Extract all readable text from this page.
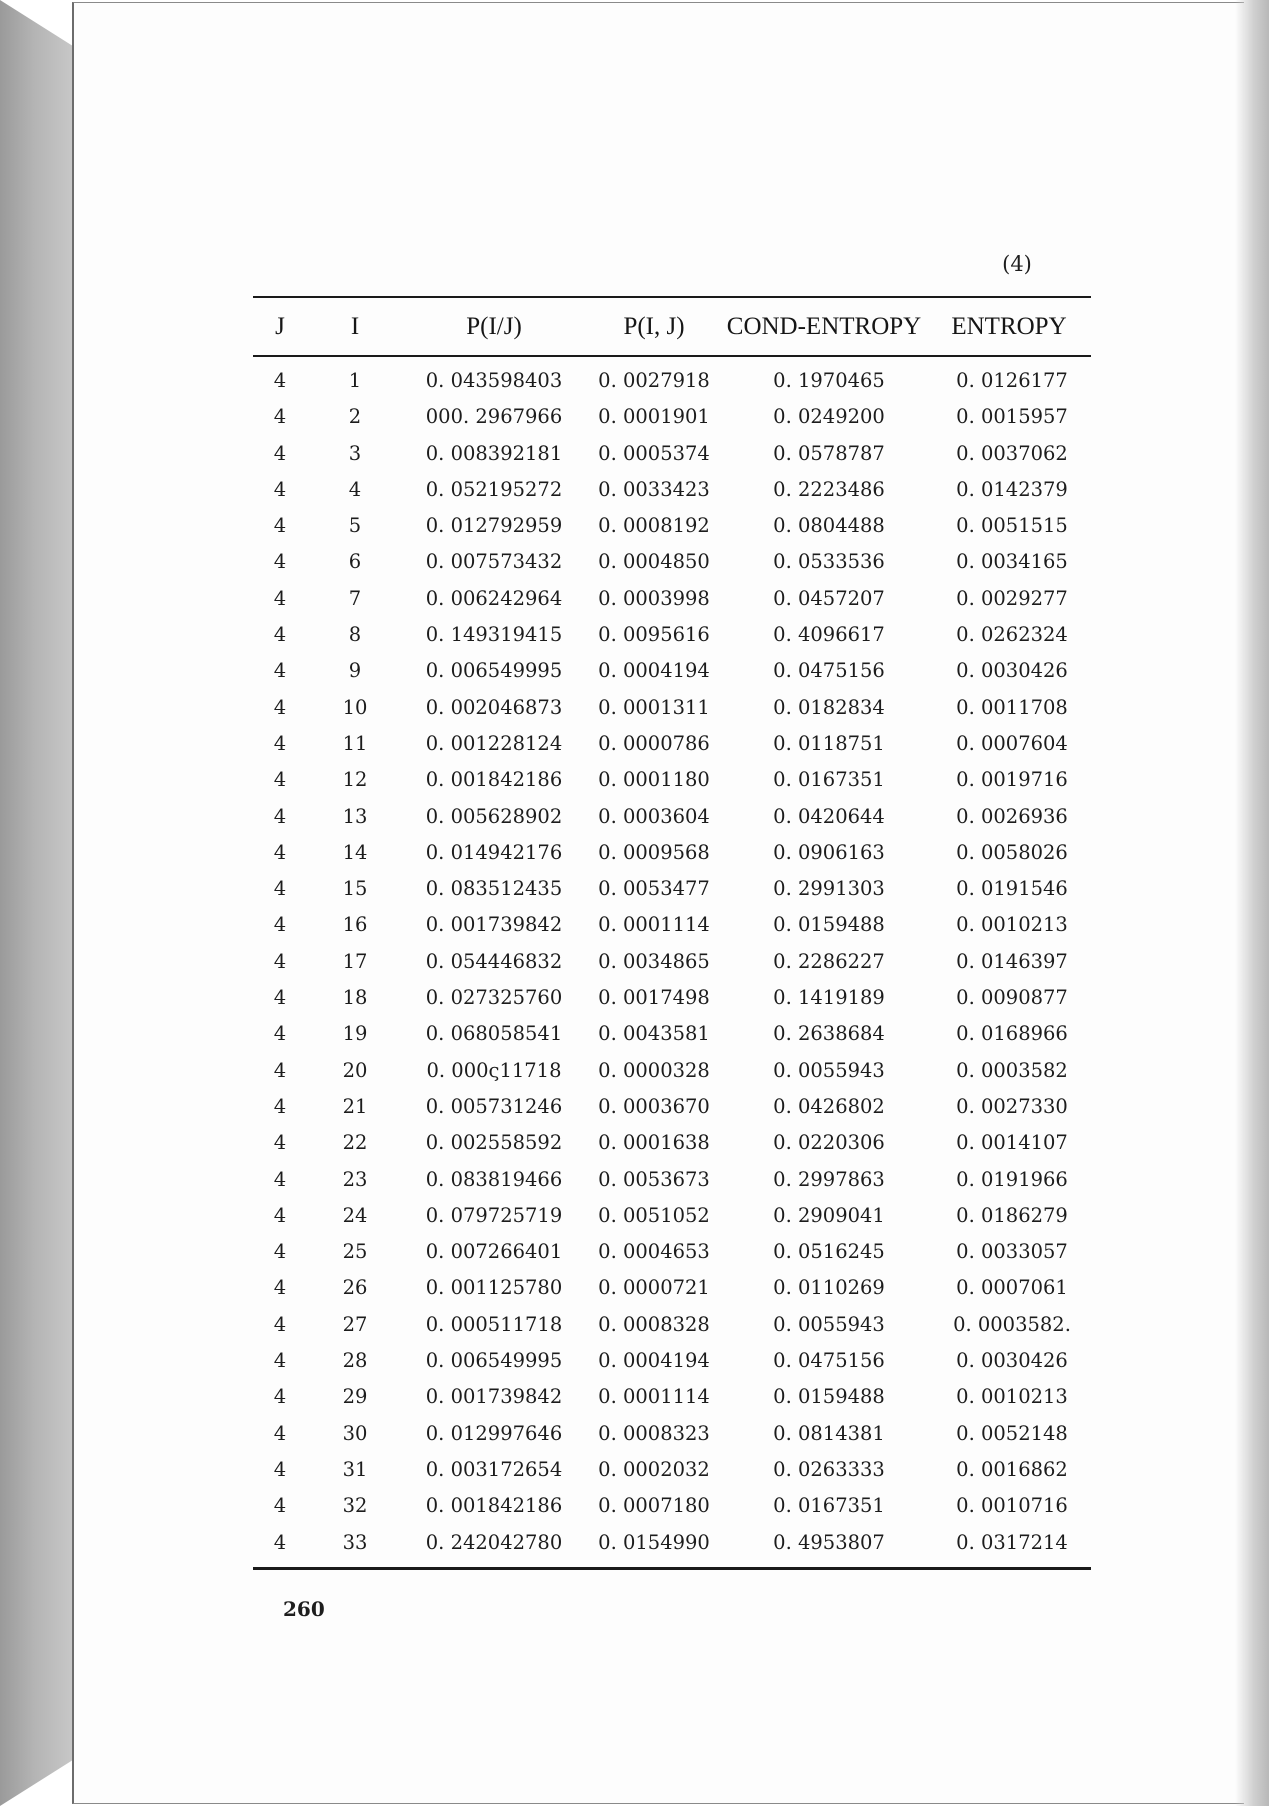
(4)
J	I	P(I/J)	P(I, J)	COND-ENTROPY	ENTROPY
4	1	0. 043598403	0. 0027918	0. 1970465	0. 0126177
4	2	000. 2967966	0. 0001901	0. 0249200	0. 0015957
4	3	0. 008392181	0. 0005374	0. 0578787	0. 0037062
4	4	0. 052195272	0. 0033423	0. 2223486	0. 0142379
4	5	0. 012792959	0. 0008192	0. 0804488	0. 0051515
4	6	0. 007573432	0. 0004850	0. 0533536	0. 0034165
4	7	0. 006242964	0. 0003998	0. 0457207	0. 0029277
4	8	0. 149319415	0. 0095616	0. 4096617	0. 0262324
4	9	0. 006549995	0. 0004194	0. 0475156	0. 0030426
4	10	0. 002046873	0. 0001311	0. 0182834	0. 0011708
4	11	0. 001228124	0. 0000786	0. 0118751	0. 0007604
4	12	0. 001842186	0. 0001180	0. 0167351	0. 0019716
4	13	0. 005628902	0. 0003604	0. 0420644	0. 0026936
4	14	0. 014942176	0. 0009568	0. 0906163	0. 0058026
4	15	0. 083512435	0. 0053477	0. 2991303	0. 0191546
4	16	0. 001739842	0. 0001114	0. 0159488	0. 0010213
4	17	0. 054446832	0. 0034865	0. 2286227	0. 0146397
4	18	0. 027325760	0. 0017498	0. 1419189	0. 0090877
4	19	0. 068058541	0. 0043581	0. 2638684	0. 0168966
4	20	0. 000ς11718	0. 0000328	0. 0055943	0. 0003582
4	21	0. 005731246	0. 0003670	0. 0426802	0. 0027330
4	22	0. 002558592	0. 0001638	0. 0220306	0. 0014107
4	23	0. 083819466	0. 0053673	0. 2997863	0. 0191966
4	24	0. 079725719	0. 0051052	0. 2909041	0. 0186279
4	25	0. 007266401	0. 0004653	0. 0516245	0. 0033057
4	26	0. 001125780	0. 0000721	0. 0110269	0. 0007061
4	27	0. 000511718	0. 0008328	0. 0055943	0. 0003582.
4	28	0. 006549995	0. 0004194	0. 0475156	0. 0030426
4	29	0. 001739842	0. 0001114	0. 0159488	0. 0010213
4	30	0. 012997646	0. 0008323	0. 0814381	0. 0052148
4	31	0. 003172654	0. 0002032	0. 0263333	0. 0016862
4	32	0. 001842186	0. 0007180	0. 0167351	0. 0010716
4	33	0. 242042780	0. 0154990	0. 4953807	0. 0317214
260
